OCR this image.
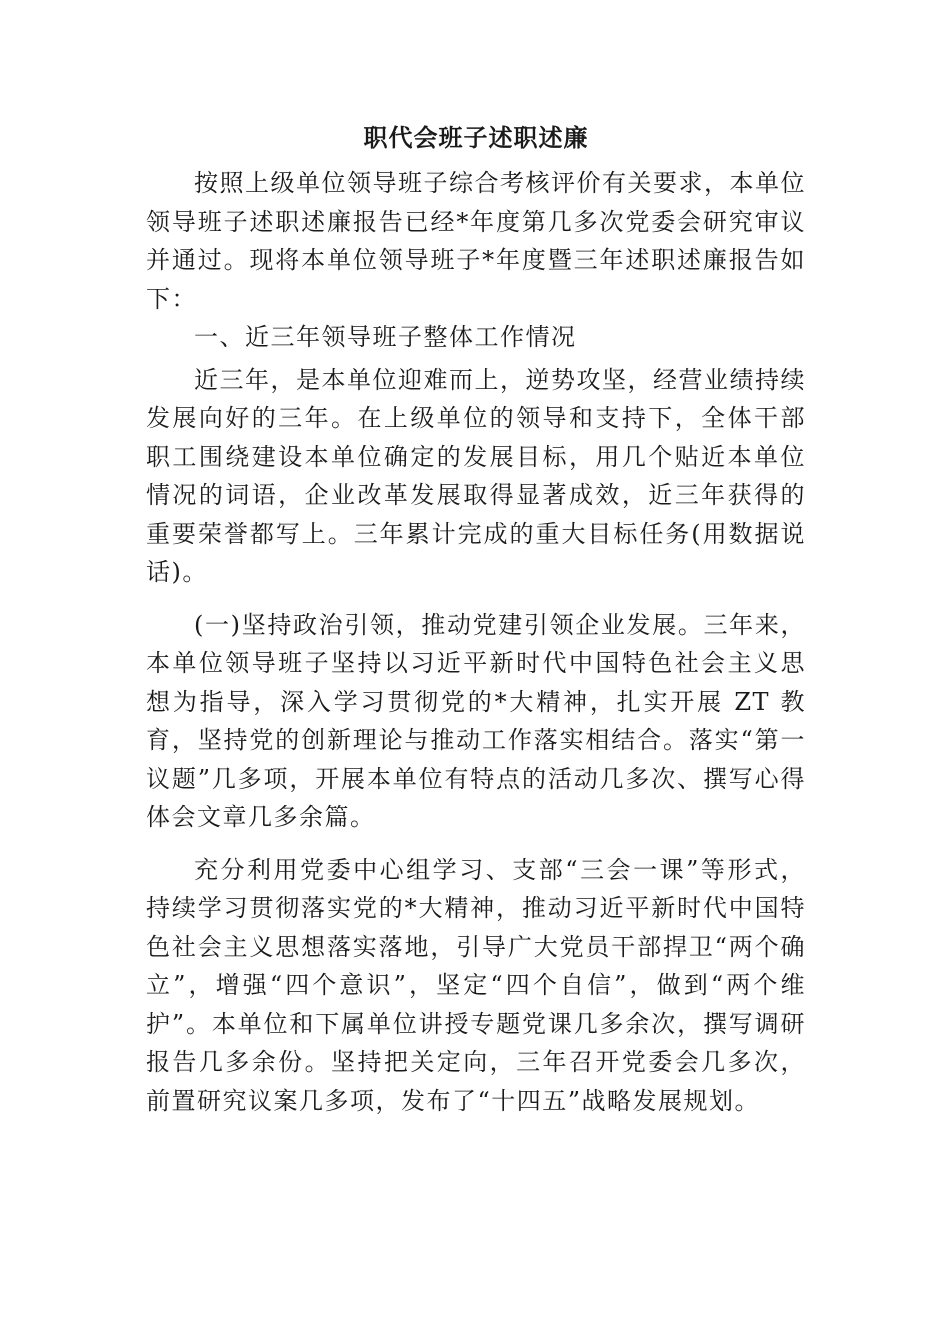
职代会班子述职述廉

按照上级单位领导班子综合考核评价有关要求，本单位领导班子述职述廉报告已经*年度第几多次党委会研究审议并通过。现将本单位领导班子*年度暨三年述职述廉报告如下：

一、近三年领导班子整体工作情况

近三年，是本单位迎难而上，逆势攻坚，经营业绩持续发展向好的三年。在上级单位的领导和支持下，全体干部职工围绕建设本单位确定的发展目标，用几个贴近本单位情况的词语，企业改革发展取得显著成效，近三年获得的重要荣誉都写上。三年累计完成的重大目标任务(用数据说话)。

(一)坚持政治引领，推动党建引领企业发展。三年来，本单位领导班子坚持以习近平新时代中国特色社会主义思想为指导，深入学习贯彻党的*大精神，扎实开展 ZT 教育，坚持党的创新理论与推动工作落实相结合。落实“第一议题”几多项，开展本单位有特点的活动几多次、撰写心得体会文章几多余篇。

充分利用党委中心组学习、支部“三会一课”等形式，持续学习贯彻落实党的*大精神，推动习近平新时代中国特色社会主义思想落实落地，引导广大党员干部捍卫“两个确立”，增强“四个意识”，坚定“四个自信”，做到“两个维护”。本单位和下属单位讲授专题党课几多余次，撰写调研报告几多余份。坚持把关定向，三年召开党委会几多次，前置研究议案几多项，发布了“十四五”战略发展规划。
